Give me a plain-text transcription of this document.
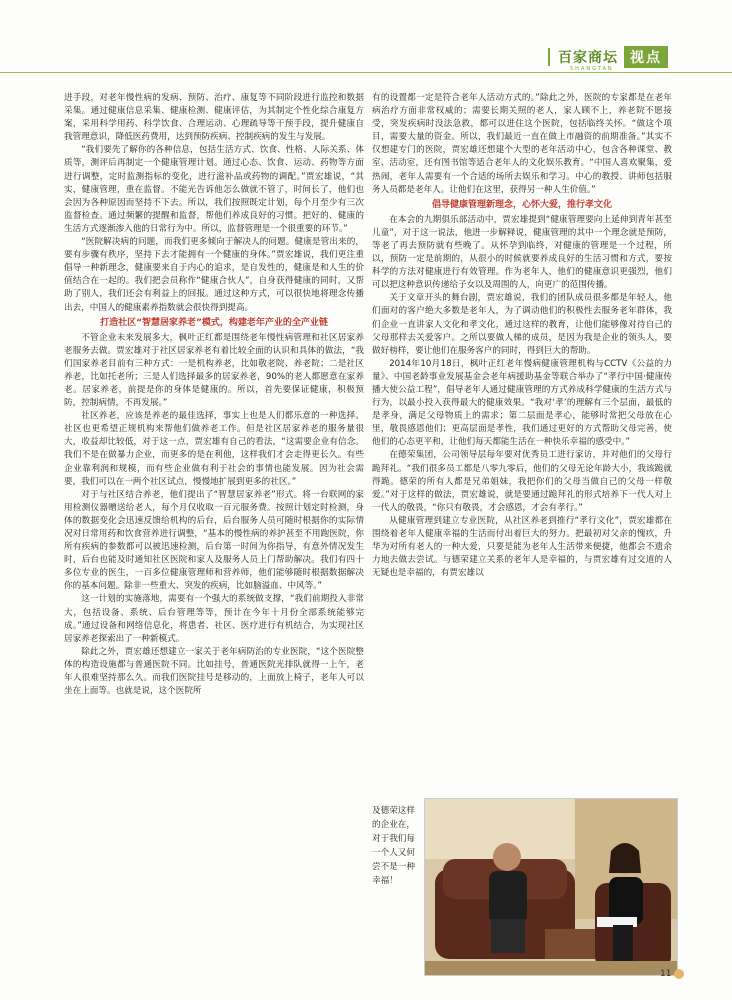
百家商坛 视点
SHANGTAN

进手段，对老年慢性病的发病、预防、治疗、康复等不同阶段进行监控和数据采集。通过健康信息采集、健康检测、健康评估，为其制定个性化综合康复方案，采用科学用药、科学饮食、合理运动、心理疏导等干预手段，提升健康自我管理意识，降低医药费用，达到预防疾病、控制疾病的发生与发展。

“我们要先了解你的各种信息，包括生活方式、饮食、性格、人际关系、体质等，测评后再制定一个健康管理计划。通过心态、饮食、运动、药物等方面进行调整，定时监测指标的变化，进行滋补品或药物的调配。”贾宏雄说，“其实，健康管理，重在监督。不能光告诉他怎么做就不管了，时间长了，他们也会因为各种原因而坚持不下去。所以，我们按照既定计划，每个月至少有三次监督检查。通过频繁的提醒和监督，帮他们养成良好的习惯。把好的、健康的生活方式逐渐渗入他的日常行为中。所以，监督管理是一个很重要的环节。”

“医院解决病的问题，而我们更多倾向于解决人的问题。健康是管出来的，要有步骤有秩序，坚持下去才能拥有一个健康的身体。”贾宏雄说，我们更注重倡导一种新理念，健康要来自于内心的追求，是自发性的，健康是和人生的价值结合在一起的。我们把会员称作“健康合伙人”，自身获得健康的同时，又帮助了别人，我们还会有利益上的回报。通过这种方式，可以很快地将理念传播出去，中国人的健康素养指数就会很快得到提高。

打造社区“智慧居家养老”模式，构建老年产业的全产业链

不管企业未来发展多大，枫叶正红都是围绕老年慢性病管理和社区居家养老服务去做。贾宏雄对于社区居家养老有着比较全面的认识和具体的做法，“我们国家养老目前有三种方式：一是机构养老，比如敬老院、养老院；二是社区养老，比如托老所；三是人们选择最多的居家养老，90%的老人都愿意在家养老。居家养老，前提是你的身体是健康的。所以，首先要保证健康，积极预防，控制病情，不再发展。”

社区养老，应该是养老的最佳选择，事实上也是人们都乐意的一种选择。社区也更希望正规机构来帮他们做养老工作。但是社区居家养老的服务量很大，收益却比较低，对于这一点，贾宏雄有自己的看法，“这需要企业有信念。我们不是在做暴力企业，而更多的是在利他，这样我们才会走得更长久。有些企业靠利润和规模，而有些企业做有利于社会的事情也能发展。因为社会需要，我们可以在一两个社区试点，慢慢地扩展到更多的社区。”

对于与社区结合养老，他们提出了“智慧居家养老”形式。将一台联网的家用检测仪器赠送给老人，每个月仅收取一百元服务费。按照计划定时检测，身体的数据变化会迅速反馈给机构的后台，后台服务人员可随时根据你的实际情况对日常用药和饮食营养进行调整，“基本的慢性病的养护甚至不用跑医院，你所有疾病的参数都可以被迅速检测，后台第一时间为你指导，有意外情况发生时，后台也能及时通知社区医院和家人及服务人员上门帮助解决。我们有四十多位专业的医生，一百多位健康管理师和营养师，他们能够随时根据数据解决你的基本问题。除非一些重大、突发的疾病，比如脑溢血、中风等。”

这一计划的实施落地，需要有一个强大的系统做支撑，“我们前期投入非常大，包括设备、系统、后台管理等等，预计在今年十月份全部系统能够完成。”通过设备和网络信息化，将患者、社区、医疗进行有机结合，为实现社区居家养老探索出了一种新模式。

除此之外，贾宏雄还想建立一家关于老年病防治的专业医院，“这个医院整体的构造设施都与普通医院不同。比如挂号，普通医院光排队就得一上午，老年人很难坚持那么久。而我们医院挂号是移动的，上面放上椅子，老年人可以坐在上面等。也就是说，这个医院所

有的设置都一定是符合老年人活动方式的。”除此之外，医院的专家都是在老年病治疗方面非常权威的；需要长期关照的老人，家人顾不上，养老院不愿接受，突发疾病时没法急救，都可以进住这个医院，包括临终关怀。“做这个项目，需要大量的资金。所以，我们最近一直在做上市融资的前期准备。”其实不仅想建专门的医院，贾宏雄还想建个大型的老年活动中心，包含各种课堂、教室、活动室，还有图书馆等适合老年人的文化娱乐教育。“中国人喜欢聚集，爱热闹，老年人需要有一个合适的场所去娱乐和学习。中心的教授、讲师包括服务人员都是老年人。让他们在这里，获得另一种人生价值。”

倡导健康管理新理念，心怀大爱，推行孝文化

在本会的九期俱乐部活动中，贾宏雄提到“健康管理要向上延伸到青年甚至儿童”，对于这一说法，他进一步解释说，健康管理的其中一个理念就是预防，等老了再去预防就有些晚了。从怀孕到临终，对健康的管理是一个过程，所以，预防一定是前期的，从很小的时候就要养成良好的生活习惯和方式，要按科学的方法对健康进行有效管理。作为老年人，他们的健康意识更强烈，他们可以把这种意识传递给子女以及周围的人，向更广的范围传播。

关于文章开头的舞台剧，贾宏雄说，我们的团队成员很多都是年轻人，他们面对的客户绝大多数是老年人，为了调动他们的积极性去服务老年群体，我们企业一直讲家人文化和孝文化，通过这样的教育，让他们能够像对待自己的父母那样去关爱客户。之所以要做人梯的成员，是因为我是企业的领头人，要做好榜样，要让他们在服务客户的同时，得到巨大的帮助。

2014年10月18日，枫叶正红老年慢病健康管理机构与CCTV《公益的力量》、中国老龄事业发展基金会老年病援助基金等联合举办了“孝行中国·健康传播大使公益工程”，倡导老年人通过健康管理的方式养成科学健康的生活方式与行为，以最小投入获得最大的健康效果。“我对‘孝’的理解有三个层面，最低的是孝身，满足父母物质上的需求；第二层面是孝心，能够时常把父母放在心里，敬畏感恩他们；更高层面是孝性，我们通过更好的方式帮助父母完善，使他们的心态更平和，让他们每天都能生活在一种快乐幸福的感受中。”

在德荣集团，公司领导层每年要对优秀员工进行家访，并对他们的父母行跪拜礼。“我们很多员工都是八零九零后，他们的父母无论年龄大小，我该跪就得跪。德荣的所有人都是兄弟姐妹，我把你们的父母当做自己的父母一样敬爱。”对于这样的做法，贾宏雄说，就是要通过跪拜礼的形式培养下一代人对上一代人的敬畏，“你只有敬畏，才会感恩，才会有孝行。”

从健康管理到建立专业医院，从社区养老到推行“孝行文化”，贾宏雄都在围绕着老年人健康幸福的生活而付出着巨大的努力。把最初对父亲的愧疚，升华为对所有老人的一种大爱，只要是能为老年人生活带来便捷，他都会不遗余力地去做去尝试。与德荣建立关系的老年人是幸福的，与贾宏雄有过交道的人无疑也是幸福的，有贾宏雄以

及德荣这样的企业在，对于我们每一个人又何尝不是一种幸福！
11
